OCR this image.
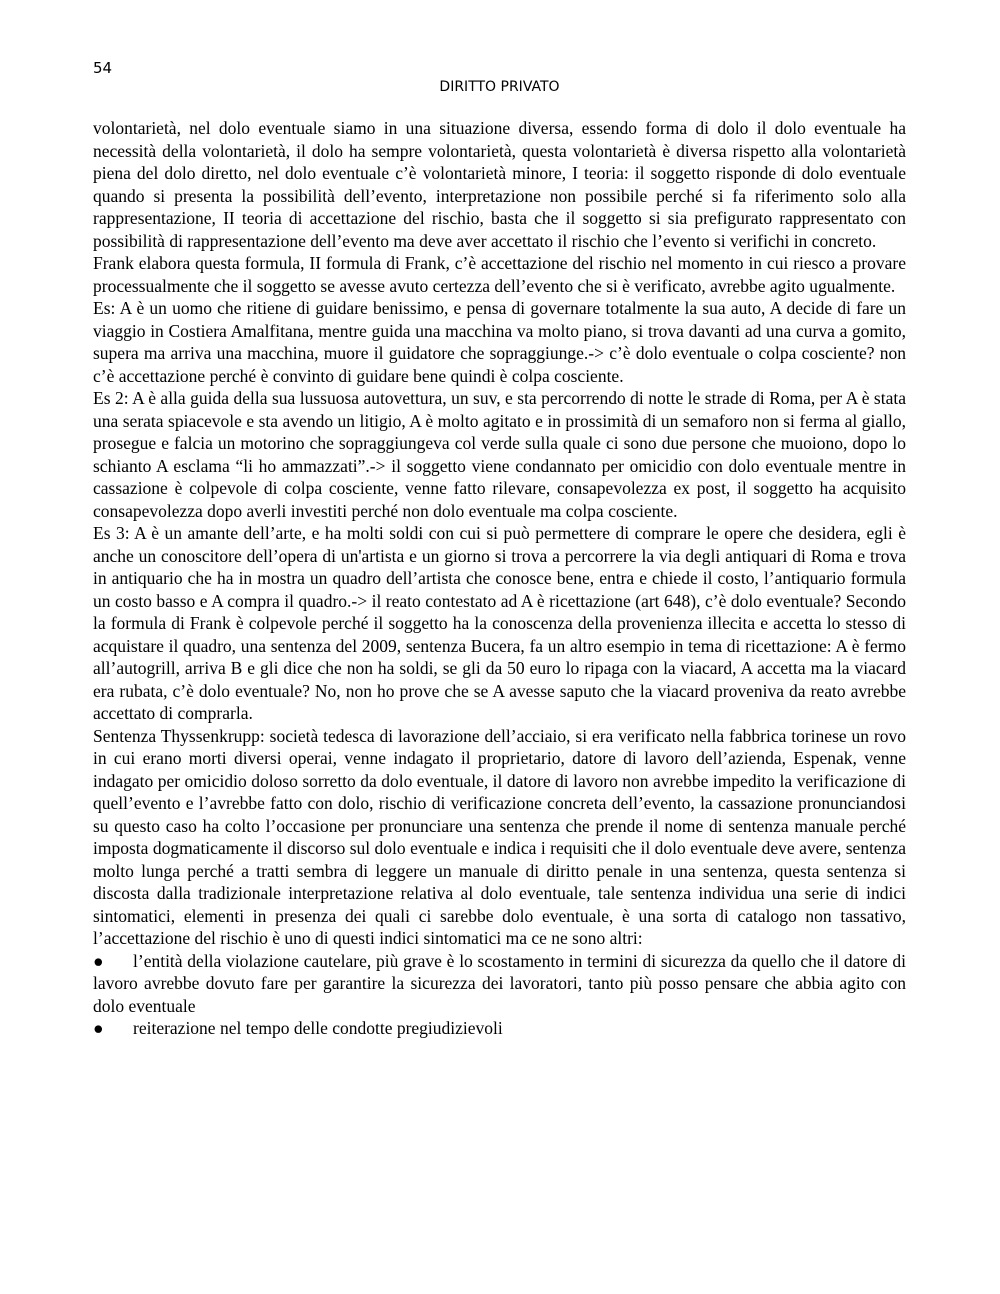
54

DIRITTO PRIVATO

volontarietà, nel dolo eventuale siamo in una situazione diversa, essendo forma di dolo il dolo eventuale ha necessità della volontarietà, il dolo ha sempre volontarietà, questa volontarietà è diversa rispetto alla volontarietà piena del dolo diretto, nel dolo eventuale c’è volontarietà minore, I teoria: il soggetto risponde di dolo eventuale quando si presenta la possibilità dell’evento, interpretazione non possibile perché si fa riferimento solo alla rappresentazione, II teoria di accettazione del rischio, basta che il soggetto si sia prefigurato rappresentato con possibilità di rappresentazione dell’evento ma deve aver accettato il rischio che l’evento si verifichi in concreto.

Frank elabora questa formula, II formula di Frank, c’è accettazione del rischio nel momento in cui riesco a provare processualmente che il soggetto se avesse avuto certezza dell’evento che si è verificato, avrebbe agito ugualmente.

Es: A è un uomo che ritiene di guidare benissimo, e pensa di governare totalmente la sua auto, A decide di fare un viaggio in Costiera Amalfitana, mentre guida una macchina va molto piano, si trova davanti ad una curva a gomito, supera ma arriva una macchina, muore il guidatore che sopraggiunge.-> c’è dolo eventuale o colpa cosciente? non c’è accettazione perché è convinto di guidare bene quindi è colpa cosciente.

Es 2: A è alla guida della sua lussuosa autovettura, un suv, e sta percorrendo di notte le strade di Roma, per A è stata una serata spiacevole e sta avendo un litigio, A è molto agitato e in prossimità di un semaforo non si ferma al giallo, prosegue e falcia un motorino che sopraggiungeva col verde sulla quale ci sono due persone che muoiono, dopo lo schianto A esclama “li ho ammazzati”.-> il soggetto viene condannato per omicidio con dolo eventuale mentre in cassazione è colpevole di colpa cosciente, venne fatto rilevare, consapevolezza ex post, il soggetto ha acquisito consapevolezza dopo averli investiti perché non dolo eventuale ma colpa cosciente.

Es 3: A è un amante dell’arte, e ha molti soldi con cui si può permettere di comprare le opere che desidera, egli è anche un conoscitore dell’opera di un'artista e un giorno si trova a percorrere la via degli antiquari di Roma e trova in antiquario che ha in mostra un quadro dell’artista che conosce bene, entra e chiede il costo, l’antiquario formula un costo basso e A compra il quadro.-> il reato contestato ad A è ricettazione (art 648), c’è dolo eventuale? Secondo la formula di Frank è colpevole perché il soggetto ha la conoscenza della provenienza illecita e accetta lo stesso di acquistare il quadro, una sentenza del 2009, sentenza Bucera, fa un altro esempio in tema di ricettazione: A è fermo all’autogrill, arriva B e gli dice che non ha soldi, se gli da 50 euro lo ripaga con la viacard, A accetta ma la viacard era rubata, c’è dolo eventuale? No, non ho prove che se A avesse saputo che la viacard proveniva da reato avrebbe accettato di comprarla.

Sentenza Thyssenkrupp: società tedesca di lavorazione dell’acciaio, si era verificato nella fabbrica torinese un rovo in cui erano morti diversi operai, venne indagato il proprietario, datore di lavoro dell’azienda, Espenak, venne indagato per omicidio doloso sorretto da dolo eventuale, il datore di lavoro non avrebbe impedito la verificazione di quell’evento e l’avrebbe fatto con dolo, rischio di verificazione concreta dell’evento, la cassazione pronunciandosi su questo caso ha colto l’occasione per pronunciare una sentenza che prende il nome di sentenza manuale perché imposta dogmaticamente il discorso sul dolo eventuale e indica i requisiti che il dolo eventuale deve avere, sentenza molto lunga perché a tratti sembra di leggere un manuale di diritto penale in una sentenza, questa sentenza si discosta dalla tradizionale interpretazione relativa al dolo eventuale, tale sentenza individua una serie di indici sintomatici, elementi in presenza dei quali ci sarebbe dolo eventuale, è una sorta di catalogo non tassativo, l’accettazione del rischio è uno di questi indici sintomatici ma ce ne sono altri:

● l’entità della violazione cautelare, più grave è lo scostamento in termini di sicurezza da quello che il datore di lavoro avrebbe dovuto fare per garantire la sicurezza dei lavoratori, tanto più posso pensare che abbia agito con dolo eventuale

● reiterazione nel tempo delle condotte pregiudizievoli
